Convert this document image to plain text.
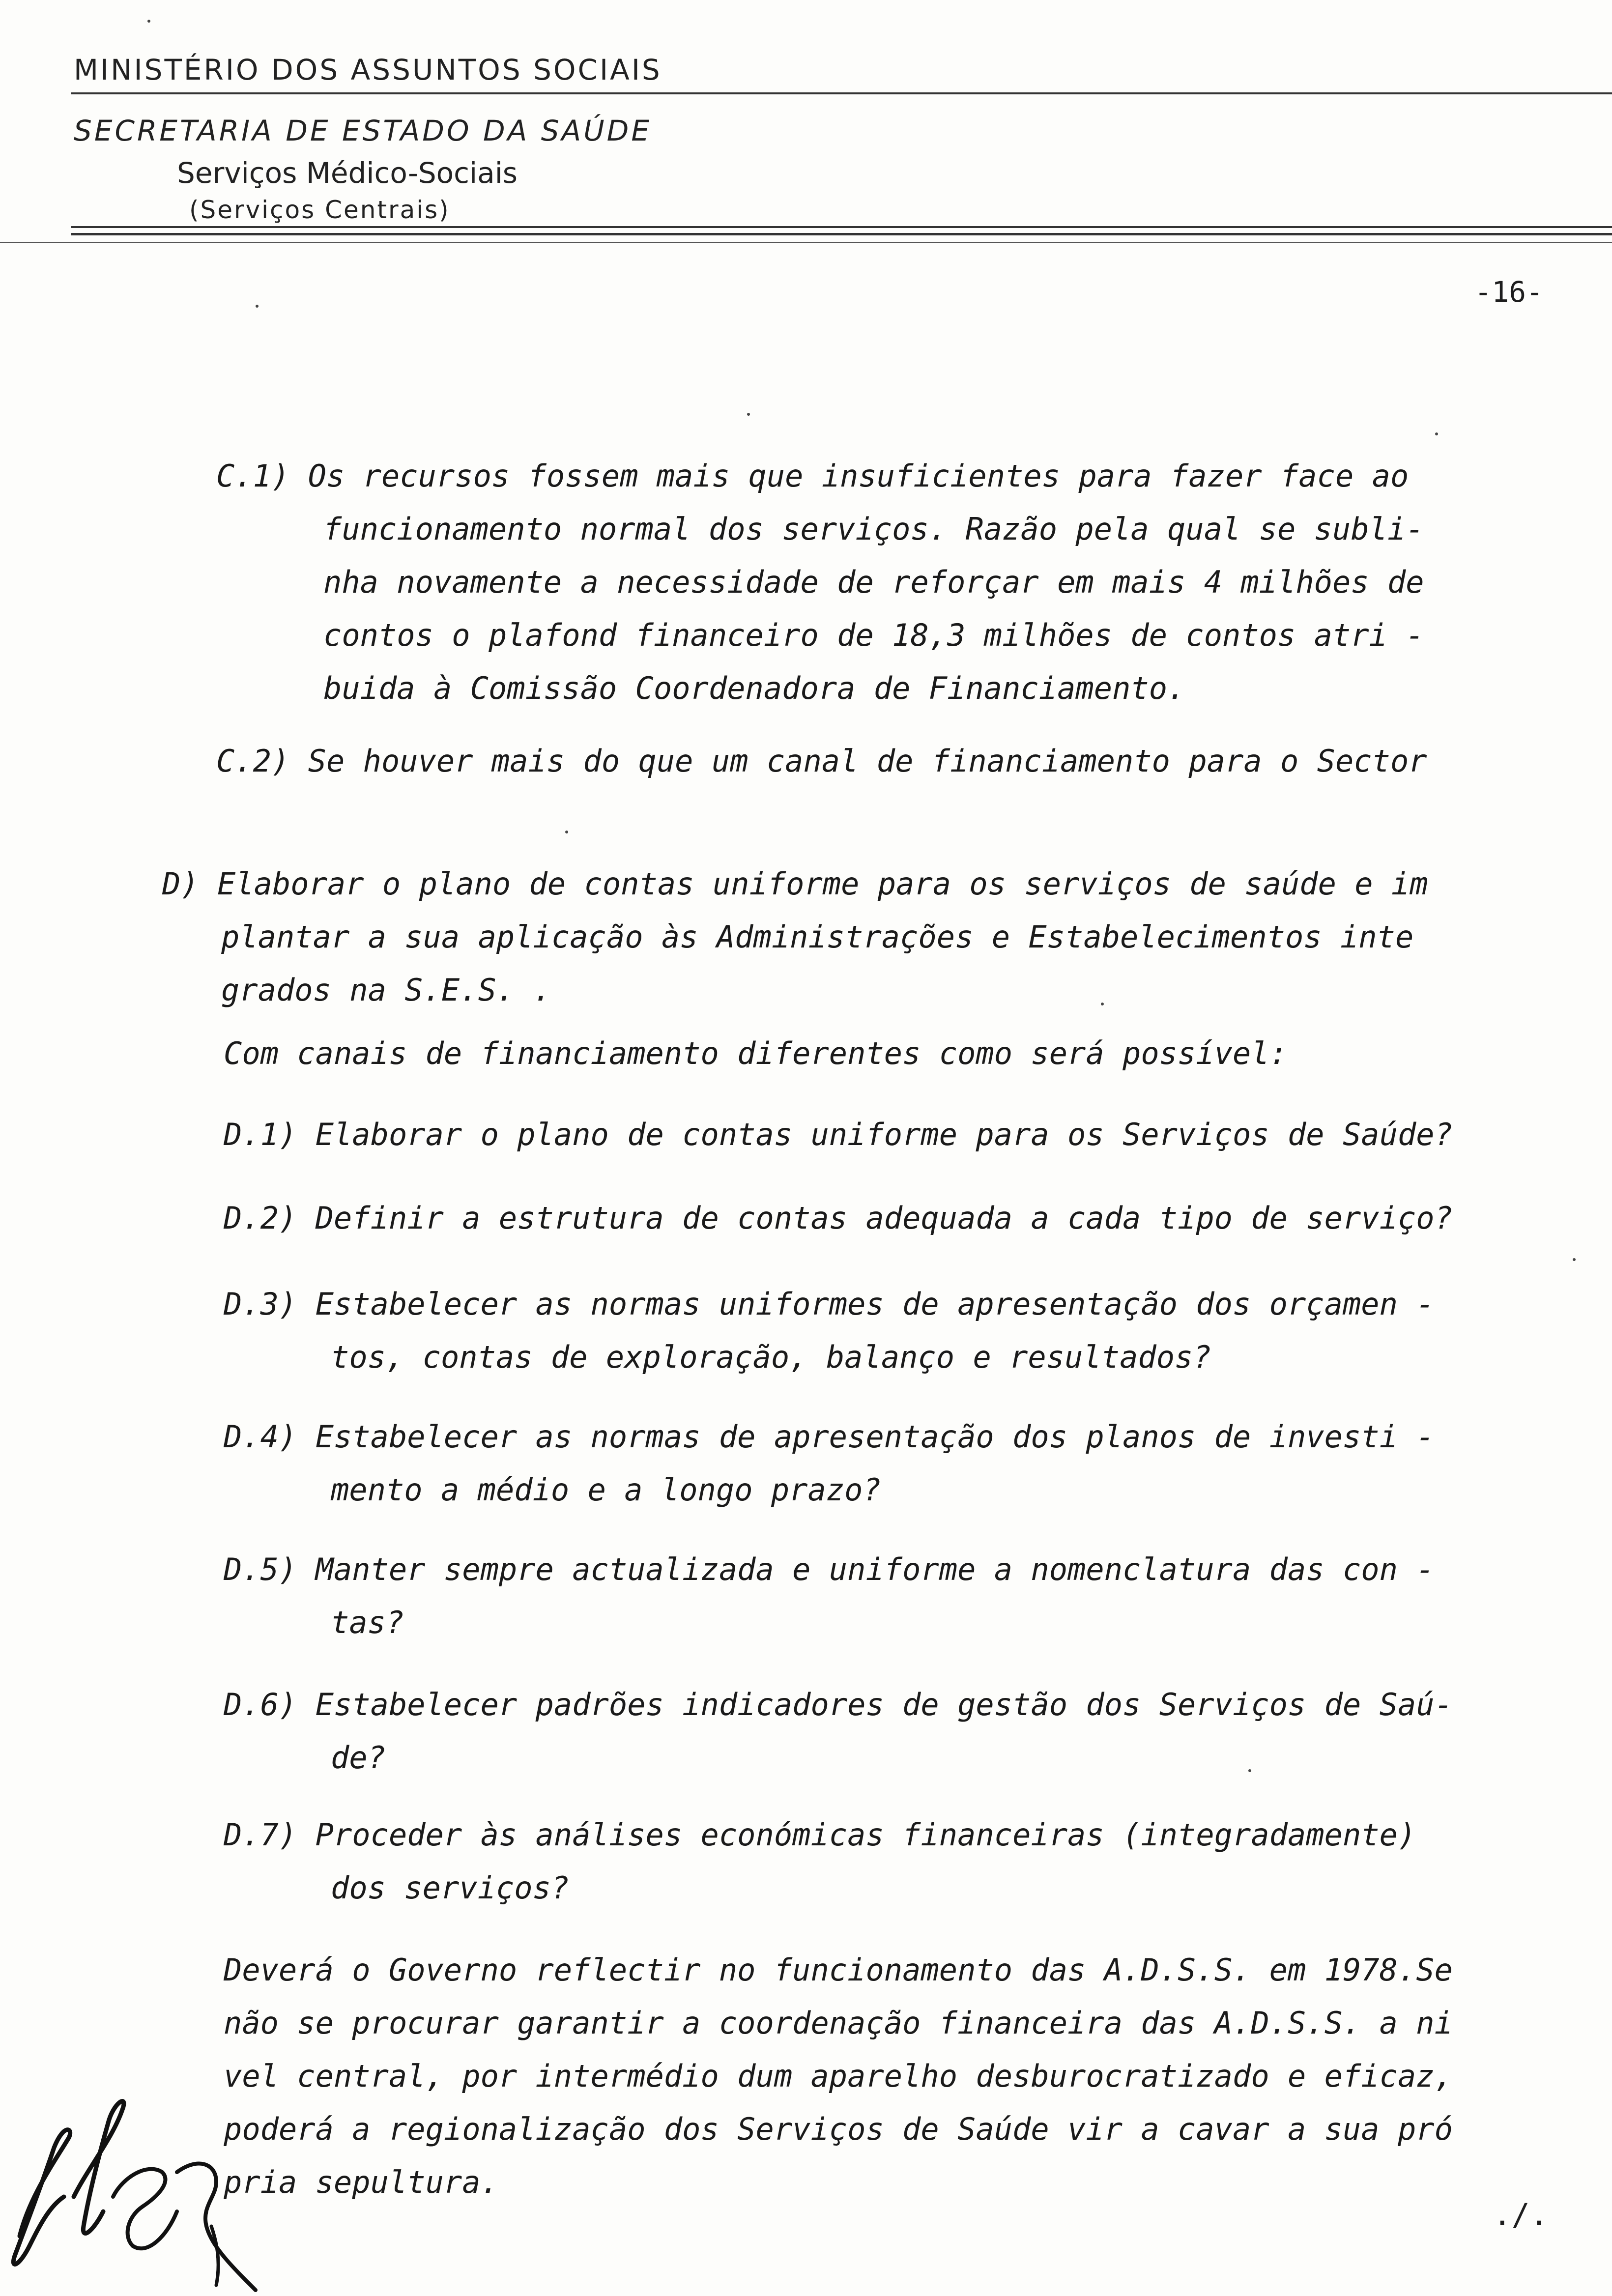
MINISTÉRIO DOS ASSUNTOS SOCIAIS
SECRETARIA DE ESTADO DA SAÚDE
Serviços Médico-Sociais
(Serviços Centrais)
-16-
C.1) Os recursos fossem mais que insuficientes para fazer face ao
funcionamento normal dos serviços. Razão pela qual se subli-
nha novamente a necessidade de reforçar em mais 4 milhões de
contos o plafond financeiro de 18,3 milhões de contos atri -
buida à Comissão Coordenadora de Financiamento.
C.2) Se houver mais do que um canal de financiamento para o Sector
D) Elaborar o plano de contas uniforme para os serviços de saúde e im
plantar a sua aplicação às Administrações e Estabelecimentos inte
grados na S.E.S. .
Com canais de financiamento diferentes como será possível:
D.1) Elaborar o plano de contas uniforme para os Serviços de Saúde?
D.2) Definir a estrutura de contas adequada a cada tipo de serviço?
D.3) Estabelecer as normas uniformes de apresentação dos orçamen -
tos, contas de exploração, balanço e resultados?
D.4) Estabelecer as normas de apresentação dos planos de investi -
mento a médio e a longo prazo?
D.5) Manter sempre actualizada e uniforme a nomenclatura das con -
tas?
D.6) Estabelecer padrões indicadores de gestão dos Serviços de Saú-
de?
D.7) Proceder às análises económicas financeiras (integradamente)
dos serviços?
Deverá o Governo reflectir no funcionamento das A.D.S.S. em 1978.Se
não se procurar garantir a coordenação financeira das A.D.S.S. a ni
vel central, por intermédio dum aparelho desburocratizado e eficaz,
poderá a regionalização dos Serviços de Saúde vir a cavar a sua pró
pria sepultura.
./.
